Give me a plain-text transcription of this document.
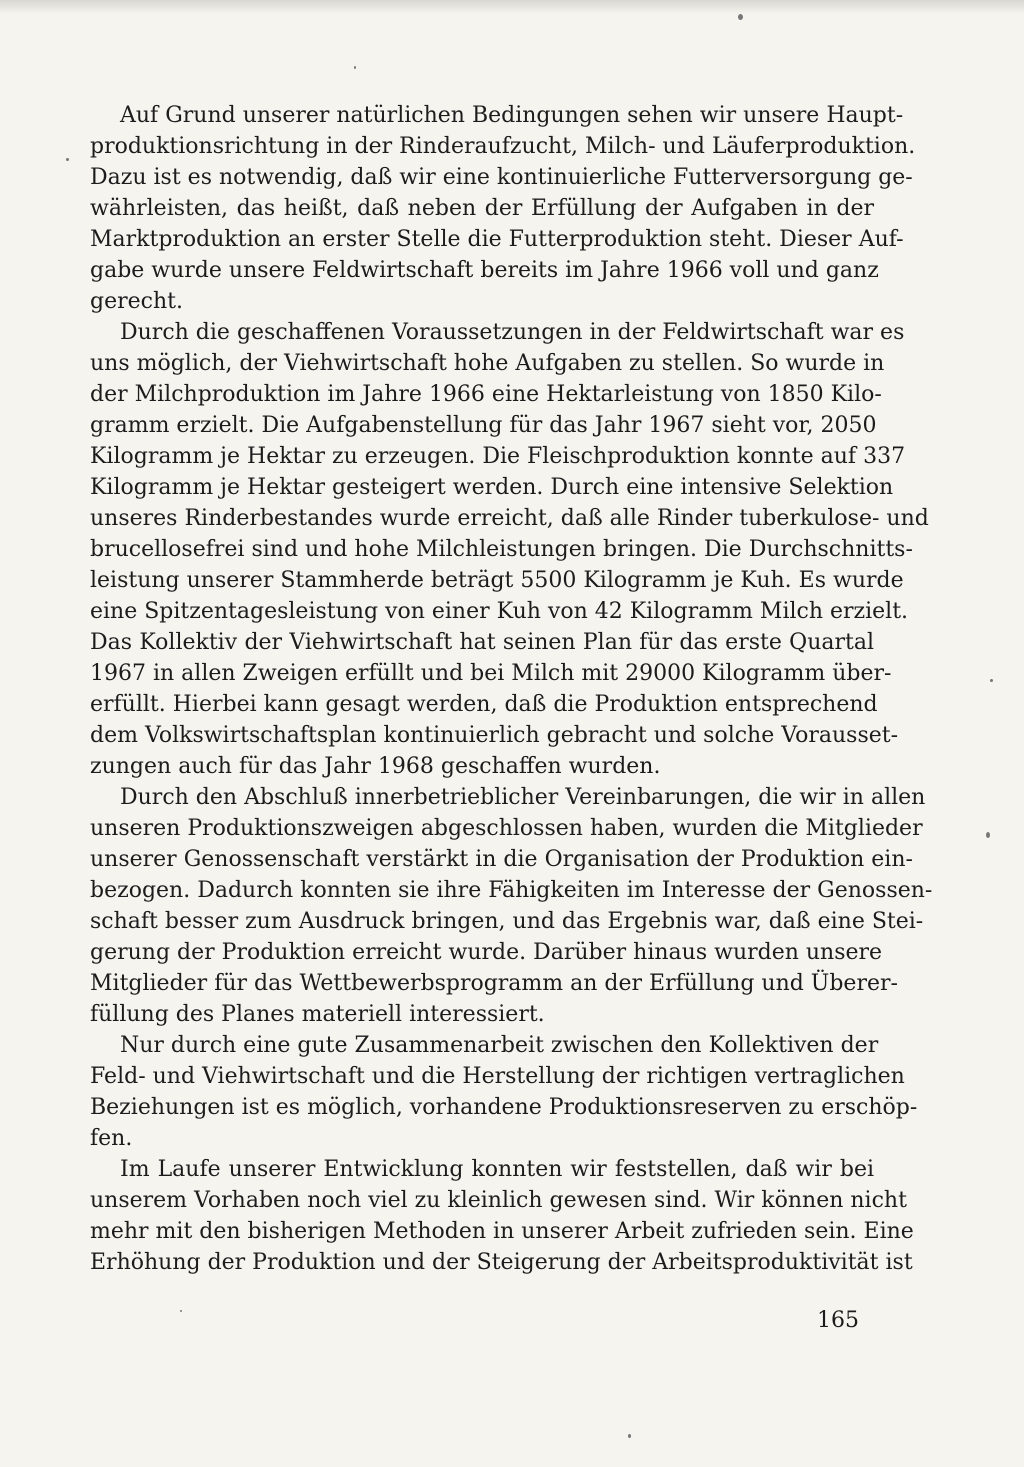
Auf Grund unserer natürlichen Bedingungen sehen wir unsere Haupt-
produktionsrichtung in der Rinderaufzucht, Milch- und Läuferproduktion.
Dazu ist es notwendig, daß wir eine kontinuierliche Futterversorgung ge-
währleisten, das heißt, daß neben der Erfüllung der Aufgaben in der
Marktproduktion an erster Stelle die Futterproduktion steht. Dieser Auf-
gabe wurde unsere Feldwirtschaft bereits im Jahre 1966 voll und ganz
gerecht.
Durch die geschaffenen Voraussetzungen in der Feldwirtschaft war es
uns möglich, der Viehwirtschaft hohe Aufgaben zu stellen. So wurde in
der Milchproduktion im Jahre 1966 eine Hektarleistung von 1850 Kilo-
gramm erzielt. Die Aufgabenstellung für das Jahr 1967 sieht vor, 2050
Kilogramm je Hektar zu erzeugen. Die Fleischproduktion konnte auf 337
Kilogramm je Hektar gesteigert werden. Durch eine intensive Selektion
unseres Rinderbestandes wurde erreicht, daß alle Rinder tuberkulose- und
brucellosefrei sind und hohe Milchleistungen bringen. Die Durchschnitts-
leistung unserer Stammherde beträgt 5500 Kilogramm je Kuh. Es wurde
eine Spitzentagesleistung von einer Kuh von 42 Kilogramm Milch erzielt.
Das Kollektiv der Viehwirtschaft hat seinen Plan für das erste Quartal
1967 in allen Zweigen erfüllt und bei Milch mit 29000 Kilogramm über-
erfüllt. Hierbei kann gesagt werden, daß die Produktion entsprechend
dem Volkswirtschaftsplan kontinuierlich gebracht und solche Vorausset-
zungen auch für das Jahr 1968 geschaffen wurden.
Durch den Abschluß innerbetrieblicher Vereinbarungen, die wir in allen
unseren Produktionszweigen abgeschlossen haben, wurden die Mitglieder
unserer Genossenschaft verstärkt in die Organisation der Produktion ein-
bezogen. Dadurch konnten sie ihre Fähigkeiten im Interesse der Genossen-
schaft besser zum Ausdruck bringen, und das Ergebnis war, daß eine Stei-
gerung der Produktion erreicht wurde. Darüber hinaus wurden unsere
Mitglieder für das Wettbewerbsprogramm an der Erfüllung und Überer-
füllung des Planes materiell interessiert.
Nur durch eine gute Zusammenarbeit zwischen den Kollektiven der
Feld- und Viehwirtschaft und die Herstellung der richtigen vertraglichen
Beziehungen ist es möglich, vorhandene Produktionsreserven zu erschöp-
fen.
Im Laufe unserer Entwicklung konnten wir feststellen, daß wir bei
unserem Vorhaben noch viel zu kleinlich gewesen sind. Wir können nicht
mehr mit den bisherigen Methoden in unserer Arbeit zufrieden sein. Eine
Erhöhung der Produktion und der Steigerung der Arbeitsproduktivität ist
165
